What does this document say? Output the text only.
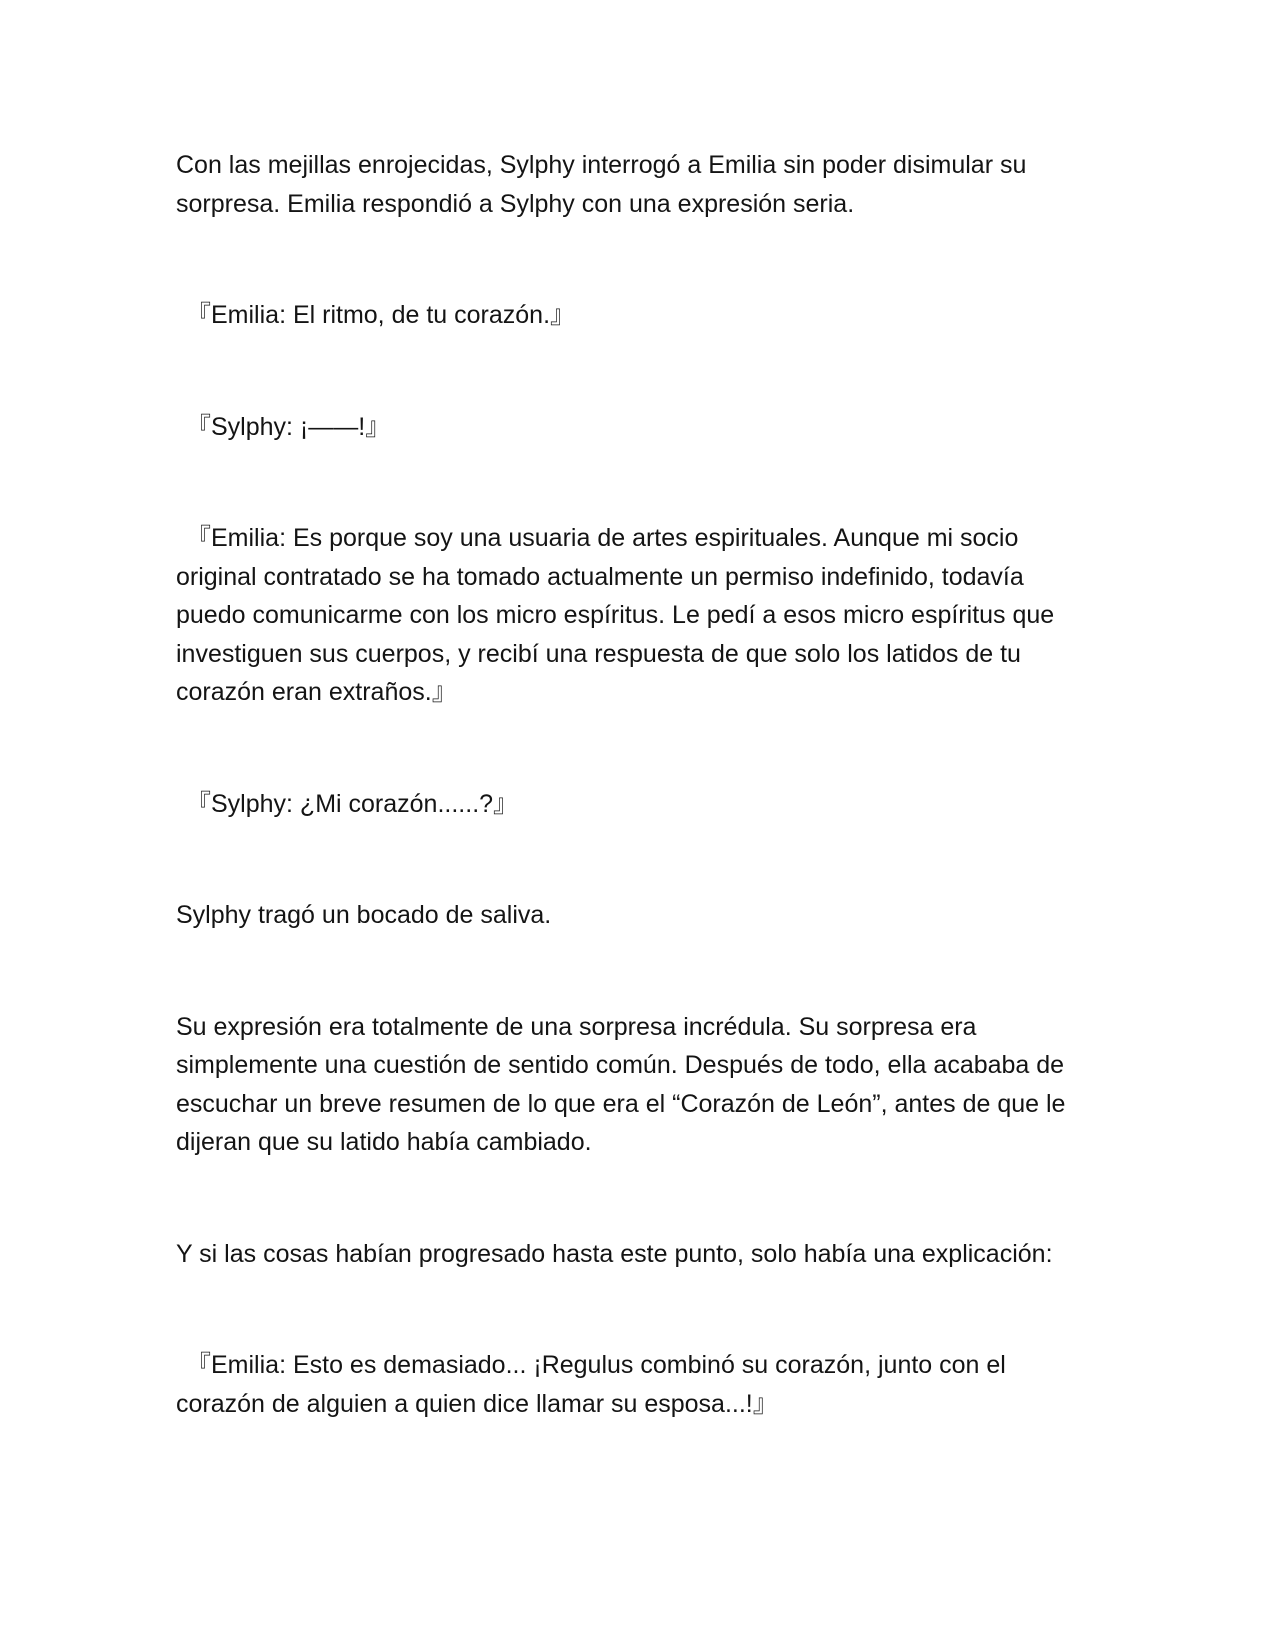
Con las mejillas enrojecidas, Sylphy interrogó a Emilia sin poder disimular su sorpresa. Emilia respondió a Sylphy con una expresión seria.

『Emilia: El ritmo, de tu corazón.』

『Sylphy: ¡——!』

『Emilia: Es porque soy una usuaria de artes espirituales. Aunque mi socio original contratado se ha tomado actualmente un permiso indefinido, todavía puedo comunicarme con los micro espíritus. Le pedí a esos micro espíritus que investiguen sus cuerpos, y recibí una respuesta de que solo los latidos de tu corazón eran extraños.』

『Sylphy: ¿Mi corazón......?』

Sylphy tragó un bocado de saliva.

Su expresión era totalmente de una sorpresa incrédula. Su sorpresa era simplemente una cuestión de sentido común. Después de todo, ella acababa de escuchar un breve resumen de lo que era el “Corazón de León”, antes de que le dijeran que su latido había cambiado.

Y si las cosas habían progresado hasta este punto, solo había una explicación:

『Emilia: Esto es demasiado... ¡Regulus combinó su corazón, junto con el corazón de alguien a quien dice llamar su esposa...!』
